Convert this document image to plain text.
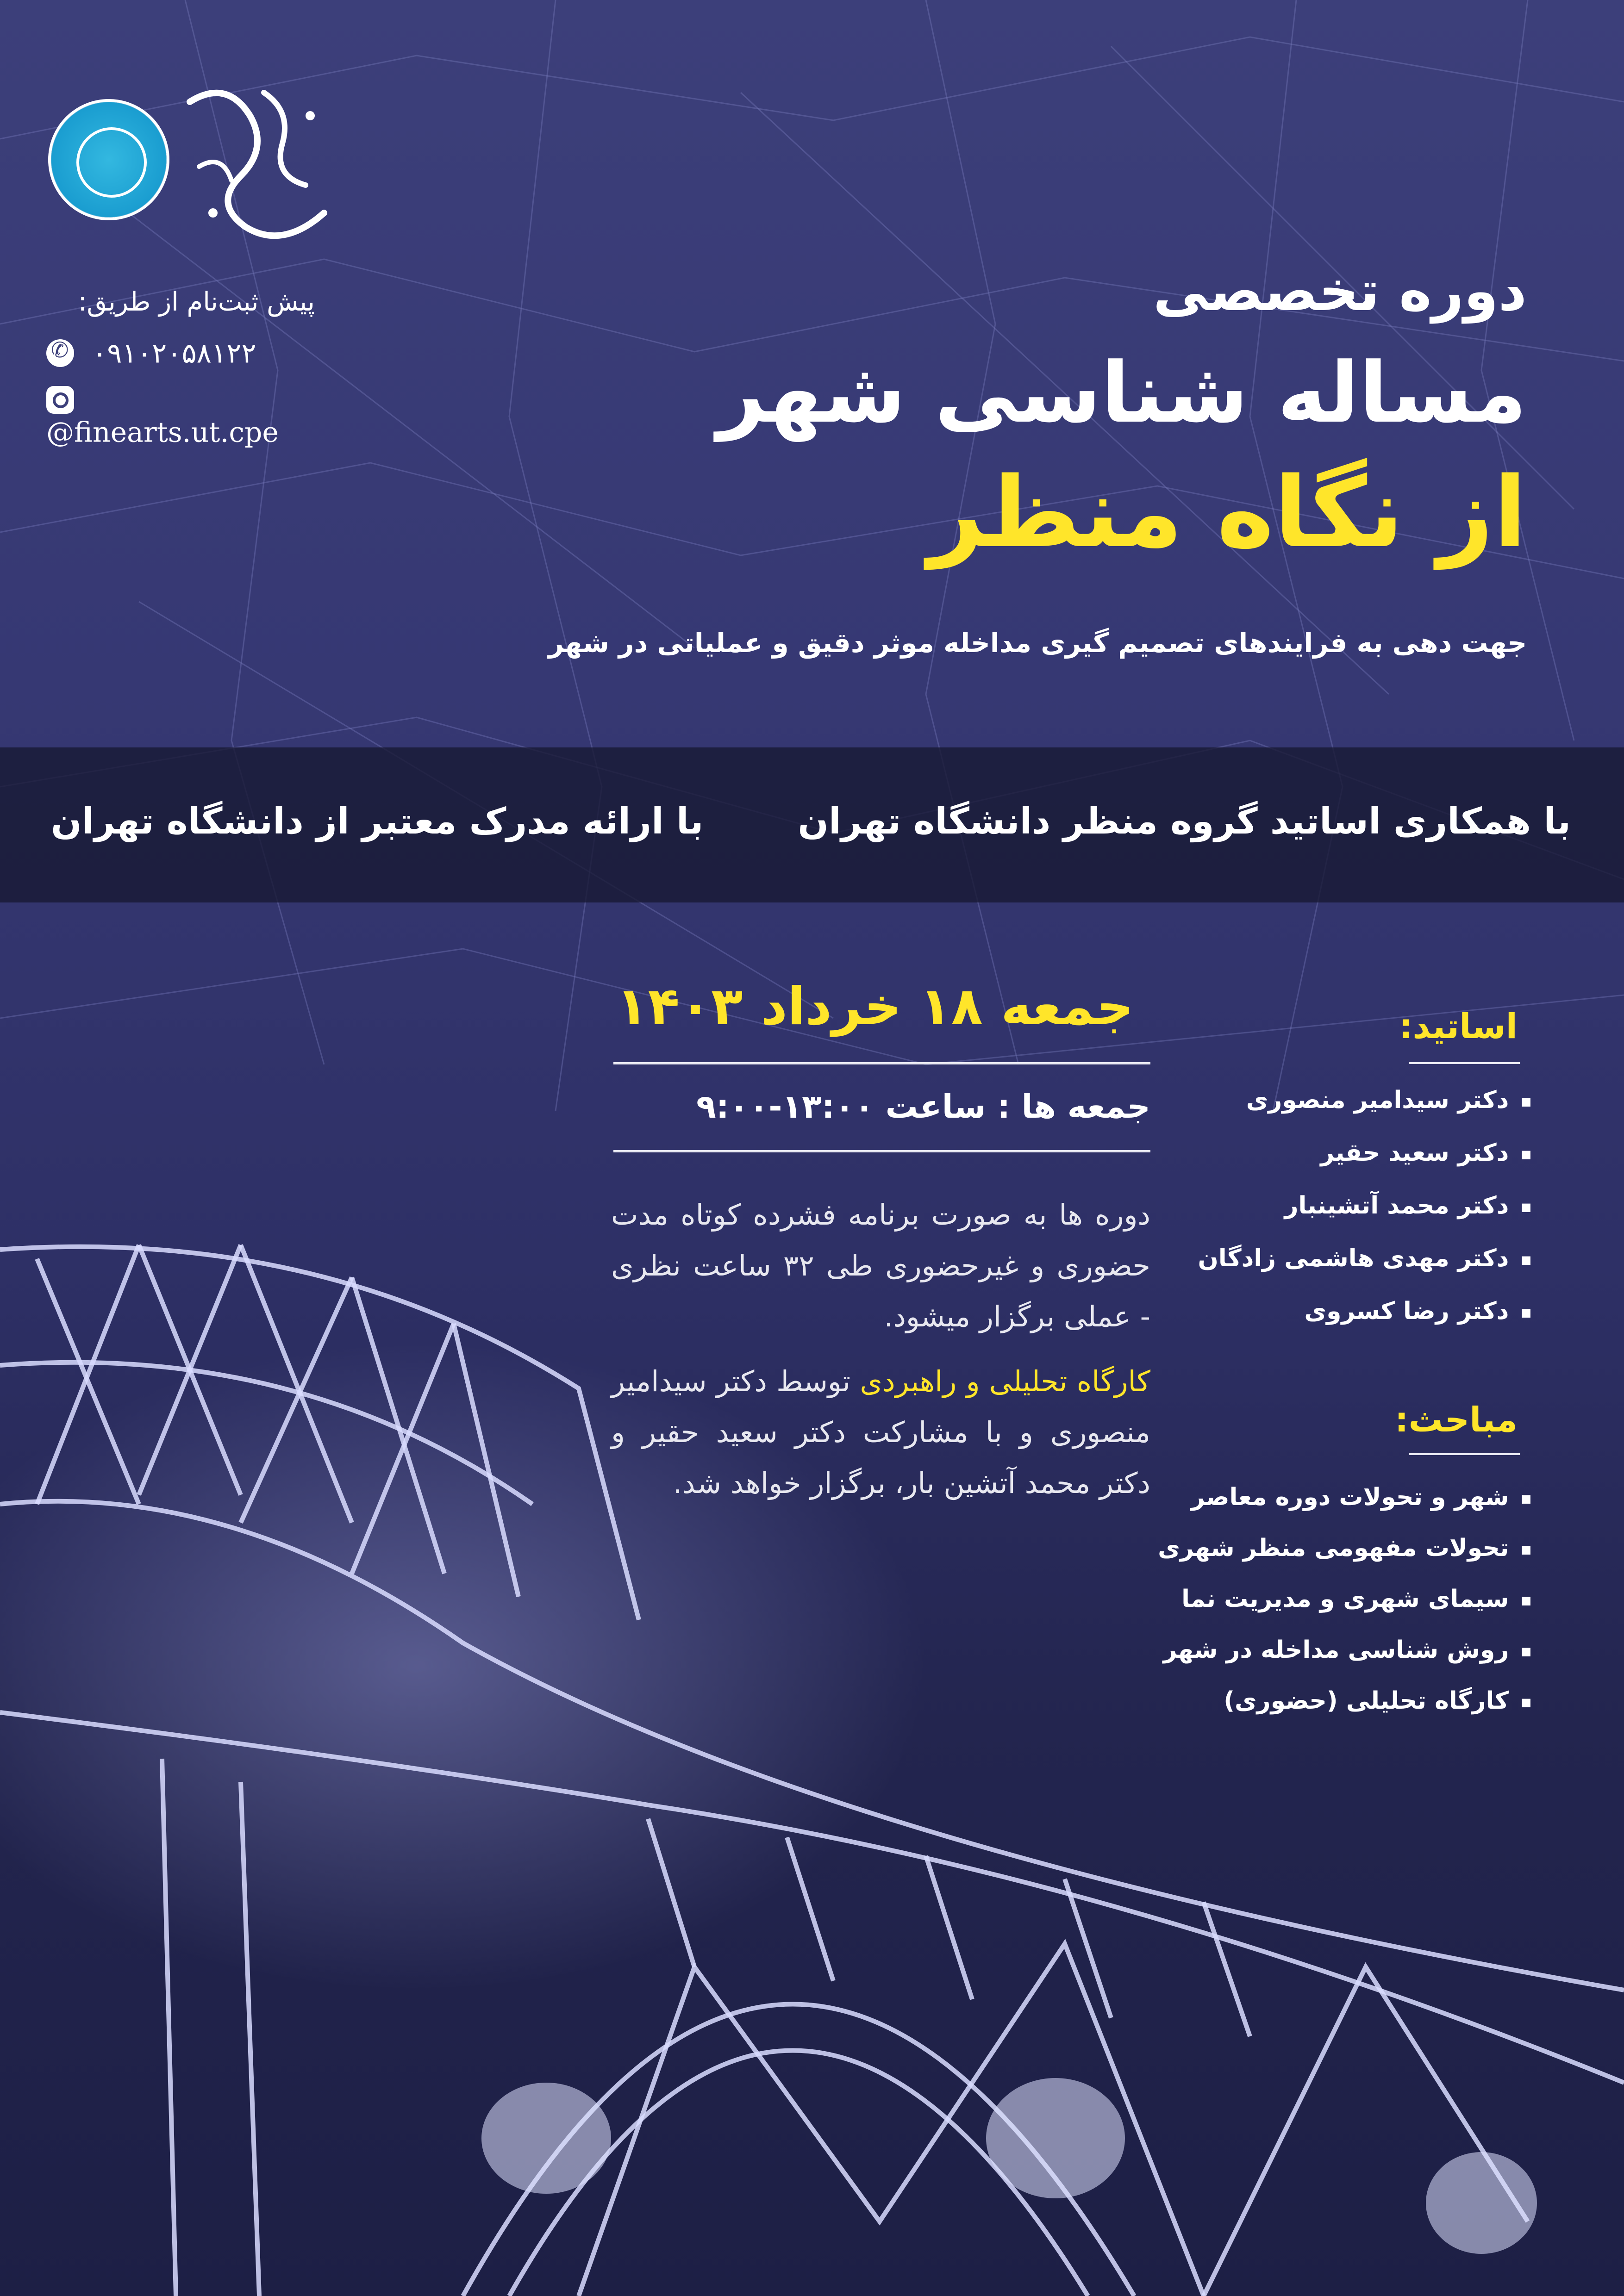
پیش ثبت‌نام از طریق:
✆ ۰۹۱۰۲۰۵۸۱۲۲
@finearts.ut.cpe
دوره تخصصی
مساله شناسی شهر
از نگاه منظر
جهت دهی به فرایندهای تصمیم گیری مداخله موثر دقیق و عملیاتی در شهر
با همکاری اساتید گروه منظر دانشگاه تهران
با ارائه مدرک معتبر از دانشگاه تهران
جمعه ۱۸ خرداد ۱۴۰۳
جمعه ها : ساعت ۱۳:۰۰-۹:۰۰
دوره ها به صورت برنامه فشرده کوتاه مدت حضوری و غیرحضوری طی ۳۲ ساعت نظری - عملی برگزار میشود.
کارگاه تحلیلی و راهبردی توسط دکتر سیدامیر منصوری و با مشارکت دکتر سعید حقیر و دکتر محمد آتشین بار، برگزار خواهد شد.
اساتید:
■ دکتر سیدامیر منصوری
■ دکتر سعید حقیر
■ دکتر محمد آتشینبار
■ دکتر مهدی هاشمی زادگان
■ دکتر رضا کسروی
مباحث:
■ شهر و تحولات دوره معاصر
■ تحولات مفهومی منظر شهری
■ سیمای شهری و مدیریت نما
■ روش شناسی مداخله در شهر
■ کارگاه تحلیلی (حضوری)
